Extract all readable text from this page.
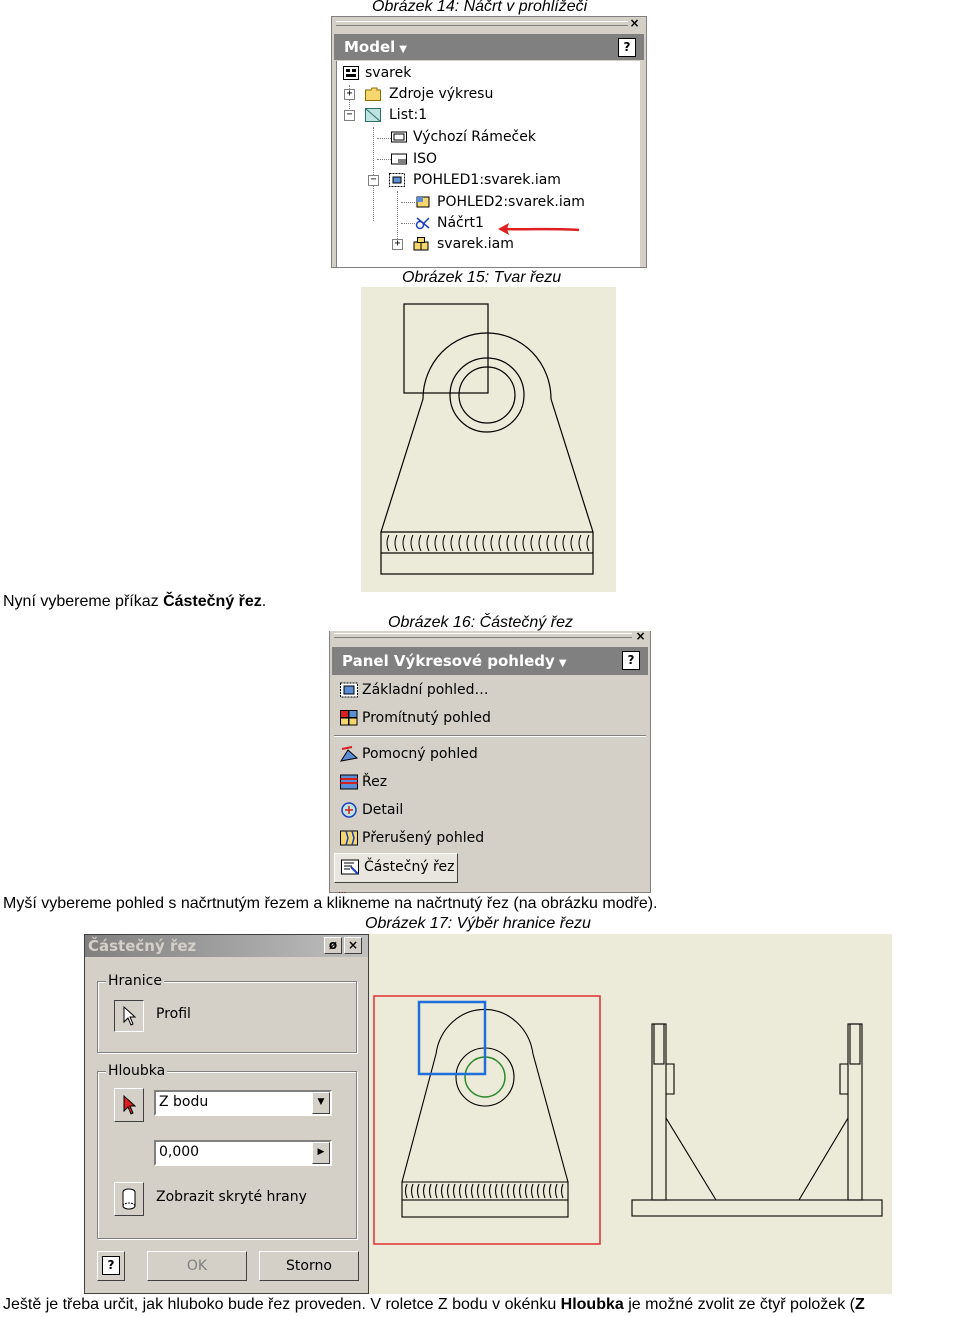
Obrázek 14: Náčrt v prohlížeči
×
Model ▼	?
svarek
+	Zdroje výkresu
−	List:1
Výchozí Rámeček
ISO
−	POHLED1:svarek.iam
POHLED2:svarek.iam
Náčrt1
+	svarek.iam
Obrázek 15: Tvar řezu
Nyní vybereme příkaz Částečný řez.
Obrázek 16: Částečný řez
×
Panel Výkresové pohledy ▼	?
Základní pohled…
Promítnutý pohled
Pomocný pohled
Řez
Detail
Přerušený pohled
Částečný řez
...
Myší vybereme pohled s načrtnutým řezem a klikneme na načrtnutý řez (na obrázku modře).
Obrázek 17: Výběr hranice řezu
Částečný řez	ø ×
Hranice
Profil
Hloubka
Z bodu	▼
0,000	▶
Zobrazit skryté hrany
?	OK	Storno
Ještě je třeba určit, jak hluboko bude řez proveden. V roletce Z bodu v okénku Hloubka je možné zvolit ze čtyř položek (Z
